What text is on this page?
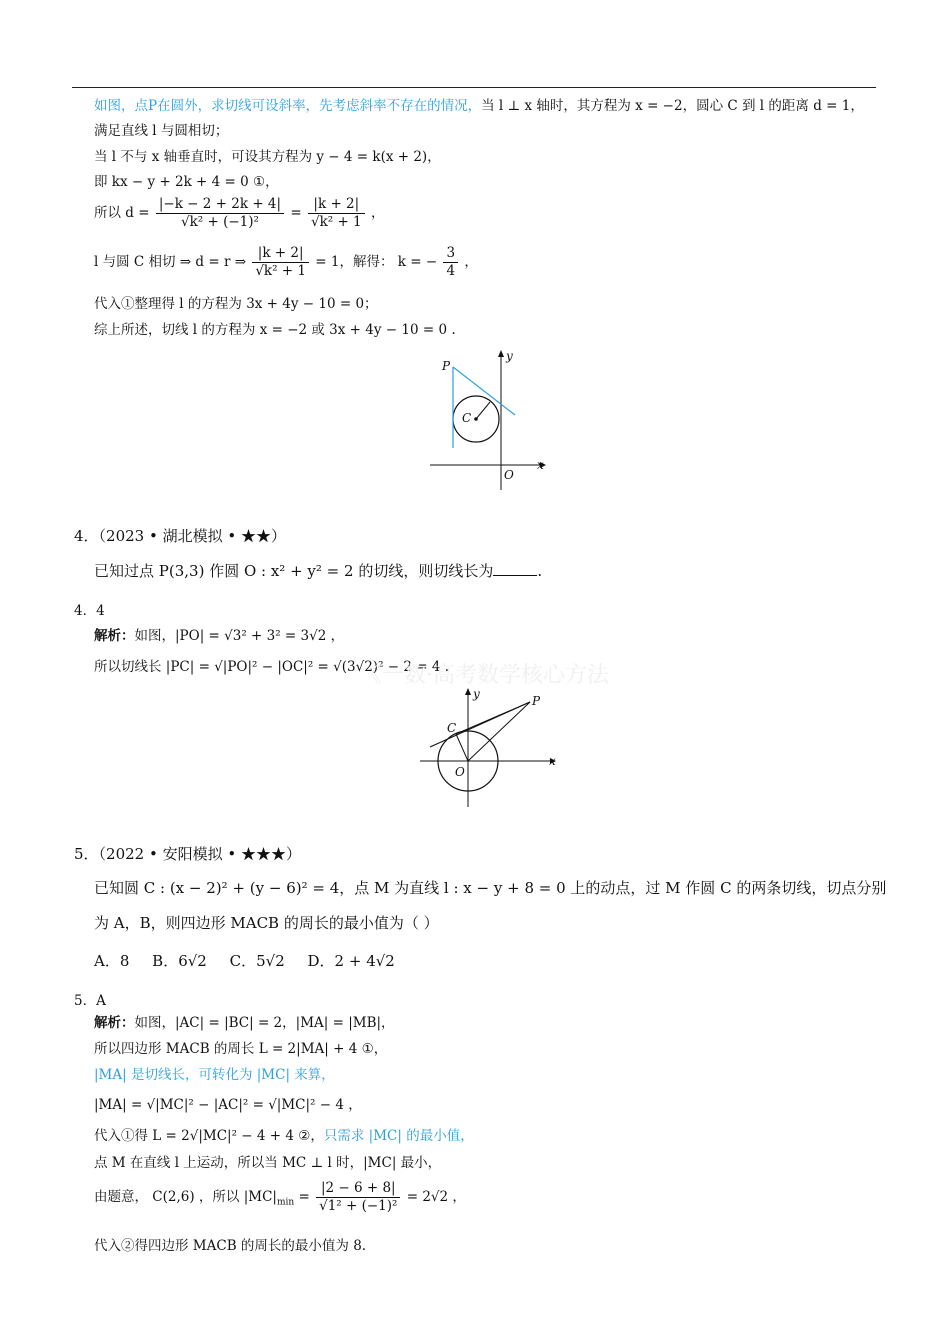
如图，点P在圆外，求切线可设斜率，先考虑斜率不存在的情况，当 l ⊥ x 轴时，其方程为 x = −2，圆心 C 到 l 的距离 d = 1，
满足直线 l 与圆相切；
当 l 不与 x 轴垂直时，可设其方程为 y − 4 = k(x + 2)，
即 kx − y + 2k + 4 = 0 ①，
所以 $d = \frac{|-k - 2 + 2k + 4|}{\text{√k² + (−1)²}} = \frac{|k + 2|}{\text{√k² + 1}}$ ，
l 与圆 C 相切 ⇒ d = r ⇒ $\frac{|k + 2|}{\text{√k² + 1}} = 1$，解得： k = − $\frac{3}{4}$ ，
代入①整理得 l 的方程为 3x + 4y − 10 = 0；
综上所述，切线 l 的方程为 x = −2 或 3x + 4y − 10 = 0 .
P
C
O
x
y
4．（2023 • 湖北模拟 • ★★）
已知过点 P(3,3) 作圆 O : x² + y² = 2 的切线，则切线长为	.
4．4
解析：如图，|PO| = √3² + 3² = 3√2 ，
所以切线长 |PC| = √|PO|² − |OC|² = √(3√2)² − 2 = 4 .
《一数·高考数学核心方法
P
C
O
x
y
5．（2022 • 安阳模拟 • ★★★）
已知圆 C : (x − 2)² + (y − 6)² = 4，点 M 为直线 l : x − y + 8 = 0 上的动点，过 M 作圆 C 的两条切线，切点分别
为 A，B，则四边形 MACB 的周长的最小值为（ ）
A．8 B．6√2 C．5√2 D．2 + 4√2
5．A
解析：如图，|AC| = |BC| = 2，|MA| = |MB|，
所以四边形 MACB 的周长 L = 2|MA| + 4 ①，
|MA| 是切线长，可转化为 |MC| 来算，
|MA| = √|MC|² − |AC|² = √|MC|² − 4 ，
代入①得 L = 2√|MC|² − 4 + 4 ②，只需求 |MC| 的最小值，
点 M 在直线 l 上运动，所以当 MC ⊥ l 时，|MC| 最小，
由题意， C(2,6) ，所以 $|MC|_{min} = \frac{|2 - 6 + 8|}{\text{√1² + (−1)²}} = 2√2$ ，
代入②得四边形 MACB 的周长的最小值为 8.
